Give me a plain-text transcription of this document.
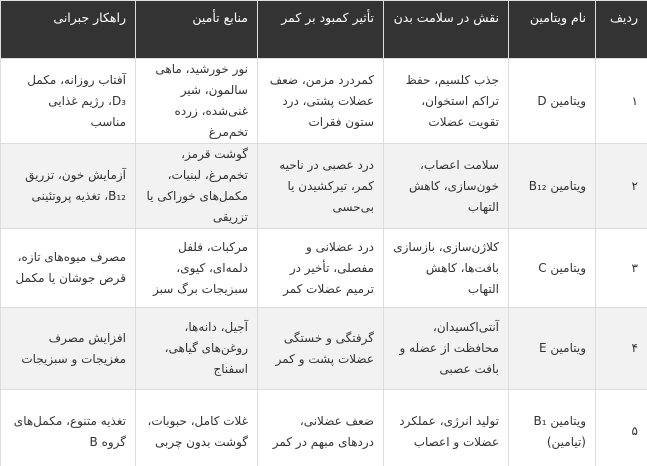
ردیف	نام ویتامین	نقش در سلامت بدن	تأثیر کمبود بر کمر	منابع تأمین	راهکار جبرانی
۱	ویتامین D	جذب کلسیم، حفظ تراکم استخوان، تقویت عضلات	کمردرد مزمن، ضعف عضلات پشتی، درد ستون فقرات	نور خورشید، ماهی سالمون، شیر غنی‌شده، زرده تخم‌مرغ	آفتاب روزانه، مکمل D₃، رژیم غذایی مناسب
۲	ویتامین B₁₂	سلامت اعصاب، خون‌سازی، کاهش التهاب	درد عصبی در ناحیه کمر، تیرکشیدن یا بی‌حسی	گوشت قرمز، تخم‌مرغ، لبنیات، مکمل‌های خوراکی یا تزریقی	آزمایش خون، تزریق B₁₂، تغذیه پروتئینی
۳	ویتامین C	کلاژن‌سازی، بازسازی بافت‌ها، کاهش التهاب	درد عضلانی و مفصلی، تأخیر در ترمیم عضلات کمر	مرکبات، فلفل دلمه‌ای، کیوی، سبزیجات برگ سبز	مصرف میوه‌های تازه، قرص جوشان یا مکمل
۴	ویتامین E	آنتی‌اکسیدان، محافظت از عضله و بافت عصبی	گرفتگی و خستگی عضلات پشت و کمر	آجیل، دانه‌ها، روغن‌های گیاهی، اسفناج	افزایش مصرف مغزیجات و سبزیجات
۵	ویتامین B₁ (تیامین)	تولید انرژی، عملکرد عضلات و اعصاب	ضعف عضلانی، دردهای مبهم در کمر	غلات کامل، حبوبات، گوشت بدون چربی	تغذیه متنوع، مکمل‌های گروه B
